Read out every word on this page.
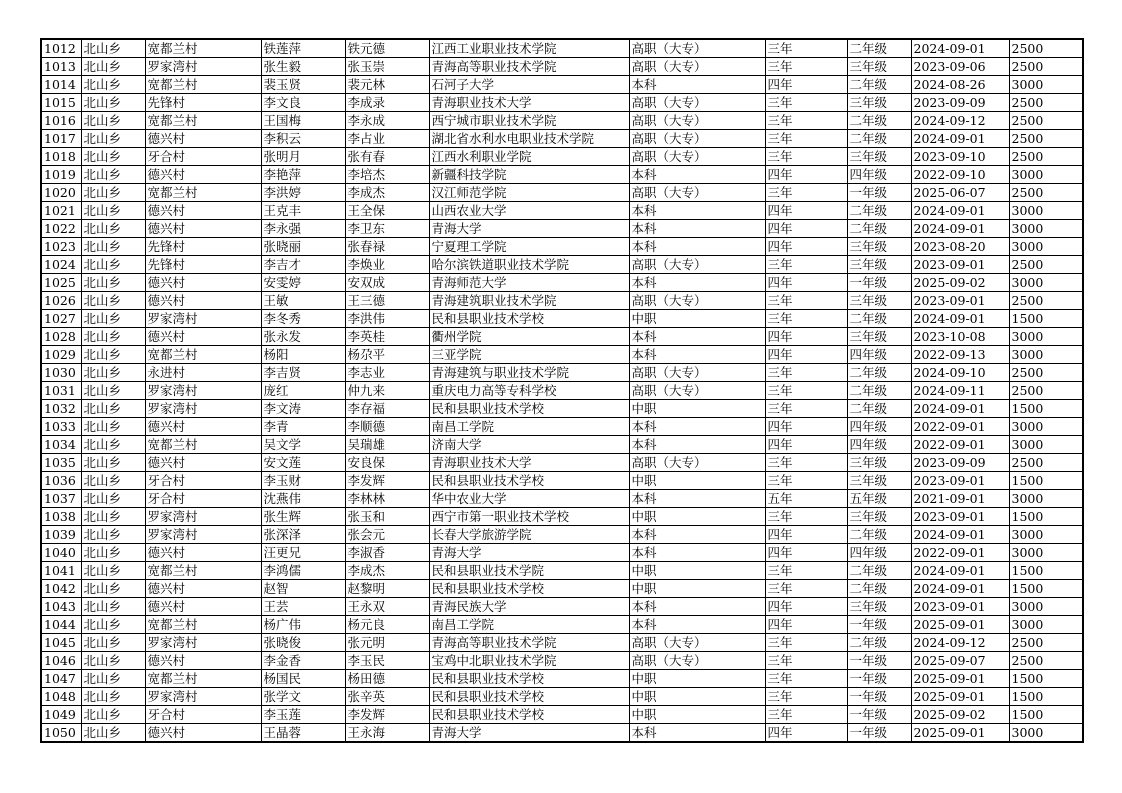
1012	北山乡	宽都兰村	铁莲萍	铁元德	江西工业职业技术学院	高职（大专）	三年	二年级	2024-09-01	2500
1013	北山乡	罗家湾村	张生毅	张玉崇	青海高等职业技术学院	高职（大专）	三年	三年级	2023-09-06	2500
1014	北山乡	宽都兰村	裴玉贤	裴元林	石河子大学	本科	四年	二年级	2024-08-26	3000
1015	北山乡	先锋村	李文良	李成录	青海职业技术大学	高职（大专）	三年	三年级	2023-09-09	2500
1016	北山乡	宽都兰村	王国梅	李永成	西宁城市职业技术学院	高职（大专）	三年	二年级	2024-09-12	2500
1017	北山乡	德兴村	李积云	李占业	湖北省水利水电职业技术学院	高职（大专）	三年	二年级	2024-09-01	2500
1018	北山乡	牙合村	张明月	张有春	江西水利职业学院	高职（大专）	三年	三年级	2023-09-10	2500
1019	北山乡	德兴村	李艳萍	李培杰	新疆科技学院	本科	四年	四年级	2022-09-10	3000
1020	北山乡	宽都兰村	李洪婷	李成杰	汉江师范学院	高职（大专）	三年	一年级	2025-06-07	2500
1021	北山乡	德兴村	王克丰	王全保	山西农业大学	本科	四年	二年级	2024-09-01	3000
1022	北山乡	德兴村	李永强	李卫东	青海大学	本科	四年	二年级	2024-09-01	3000
1023	北山乡	先锋村	张晓丽	张春禄	宁夏理工学院	本科	四年	三年级	2023-08-20	3000
1024	北山乡	先锋村	李吉才	李焕业	哈尔滨铁道职业技术学院	高职（大专）	三年	三年级	2023-09-01	2500
1025	北山乡	德兴村	安雯婷	安双成	青海师范大学	本科	四年	一年级	2025-09-02	3000
1026	北山乡	德兴村	王敏	王三德	青海建筑职业技术学院	高职（大专）	三年	三年级	2023-09-01	2500
1027	北山乡	罗家湾村	李冬秀	李洪伟	民和县职业技术学校	中职	三年	二年级	2024-09-01	1500
1028	北山乡	德兴村	张永发	李英桂	衢州学院	本科	四年	三年级	2023-10-08	3000
1029	北山乡	宽都兰村	杨阳	杨尕平	三亚学院	本科	四年	四年级	2022-09-13	3000
1030	北山乡	永进村	李吉贤	李志业	青海建筑与职业技术学院	高职（大专）	三年	二年级	2024-09-10	2500
1031	北山乡	罗家湾村	庞红	仲九来	重庆电力高等专科学校	高职（大专）	三年	二年级	2024-09-11	2500
1032	北山乡	罗家湾村	李文涛	李存福	民和县职业技术学校	中职	三年	二年级	2024-09-01	1500
1033	北山乡	德兴村	李青	李顺德	南昌工学院	本科	四年	四年级	2022-09-01	3000
1034	北山乡	宽都兰村	吴文学	吴瑞雄	济南大学	本科	四年	四年级	2022-09-01	3000
1035	北山乡	德兴村	安文莲	安良保	青海职业技术大学	高职（大专）	三年	三年级	2023-09-09	2500
1036	北山乡	牙合村	李玉财	李发辉	民和县职业技术学校	中职	三年	三年级	2023-09-01	1500
1037	北山乡	牙合村	沈燕伟	李林林	华中农业大学	本科	五年	五年级	2021-09-01	3000
1038	北山乡	罗家湾村	张生辉	张玉和	西宁市第一职业技术学校	中职	三年	三年级	2023-09-01	1500
1039	北山乡	罗家湾村	张深泽	张会元	长春大学旅游学院	本科	四年	二年级	2024-09-01	3000
1040	北山乡	德兴村	汪更兄	李淑香	青海大学	本科	四年	四年级	2022-09-01	3000
1041	北山乡	宽都兰村	李鸿儒	李成杰	民和县职业技术学院	中职	三年	二年级	2024-09-01	1500
1042	北山乡	德兴村	赵智	赵黎明	民和县职业技术学校	中职	三年	二年级	2024-09-01	1500
1043	北山乡	德兴村	王芸	王永双	青海民族大学	本科	四年	三年级	2023-09-01	3000
1044	北山乡	宽都兰村	杨广伟	杨元良	南昌工学院	本科	四年	一年级	2025-09-01	3000
1045	北山乡	罗家湾村	张晓俊	张元明	青海高等职业技术学院	高职（大专）	三年	二年级	2024-09-12	2500
1046	北山乡	德兴村	李金香	李玉民	宝鸡中北职业技术学院	高职（大专）	三年	一年级	2025-09-07	2500
1047	北山乡	宽都兰村	杨国民	杨田德	民和县职业技术学校	中职	三年	一年级	2025-09-01	1500
1048	北山乡	罗家湾村	张学文	张辛英	民和县职业技术学校	中职	三年	一年级	2025-09-01	1500
1049	北山乡	牙合村	李玉莲	李发辉	民和县职业技术学校	中职	三年	一年级	2025-09-02	1500
1050	北山乡	德兴村	王晶蓉	王永海	青海大学	本科	四年	一年级	2025-09-01	3000
